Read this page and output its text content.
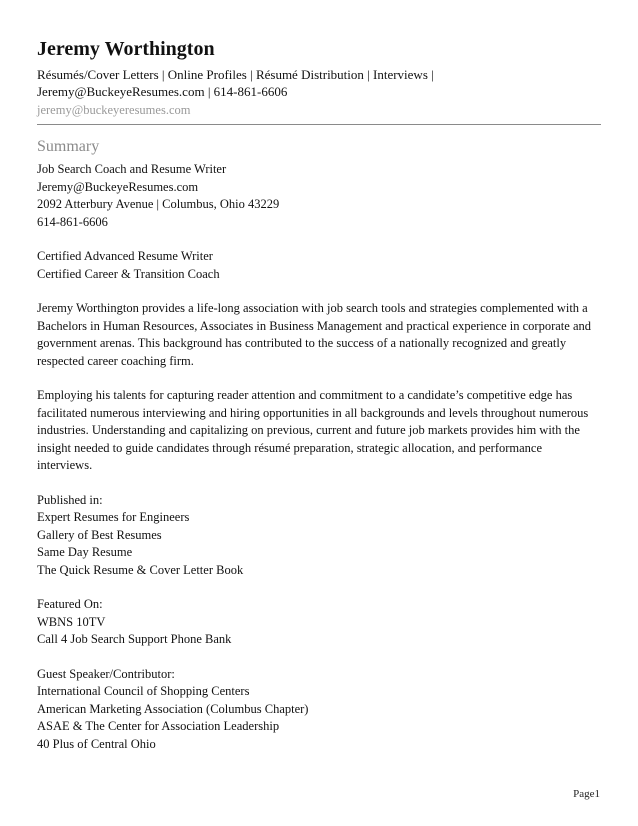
Jeremy Worthington
Résumés/Cover Letters | Online Profiles | Résumé Distribution | Interviews |
Jeremy@BuckeyeResumes.com | 614-861-6606
jeremy@buckeyeresumes.com
Summary
Job Search Coach and Resume Writer
Jeremy@BuckeyeResumes.com
2092 Atterbury Avenue | Columbus, Ohio 43229
614-861-6606
Certified Advanced Resume Writer
Certified Career & Transition Coach
Jeremy Worthington provides a life-long association with job search tools and strategies complemented with a
Bachelors in Human Resources, Associates in Business Management and practical experience in corporate and
government arenas. This background has contributed to the success of a nationally recognized and greatly
respected career coaching firm.
Employing his talents for capturing reader attention and commitment to a candidate’s competitive edge has
facilitated numerous interviewing and hiring opportunities in all backgrounds and levels throughout numerous
industries. Understanding and capitalizing on previous, current and future job markets provides him with the
insight needed to guide candidates through résumé preparation, strategic allocation, and performance
interviews.
Published in:
Expert Resumes for Engineers
Gallery of Best Resumes
Same Day Resume
The Quick Resume & Cover Letter Book
Featured On:
WBNS 10TV
Call 4 Job Search Support Phone Bank
Guest Speaker/Contributor:
International Council of Shopping Centers
American Marketing Association (Columbus Chapter)
ASAE & The Center for Association Leadership
40 Plus of Central Ohio
Page1
